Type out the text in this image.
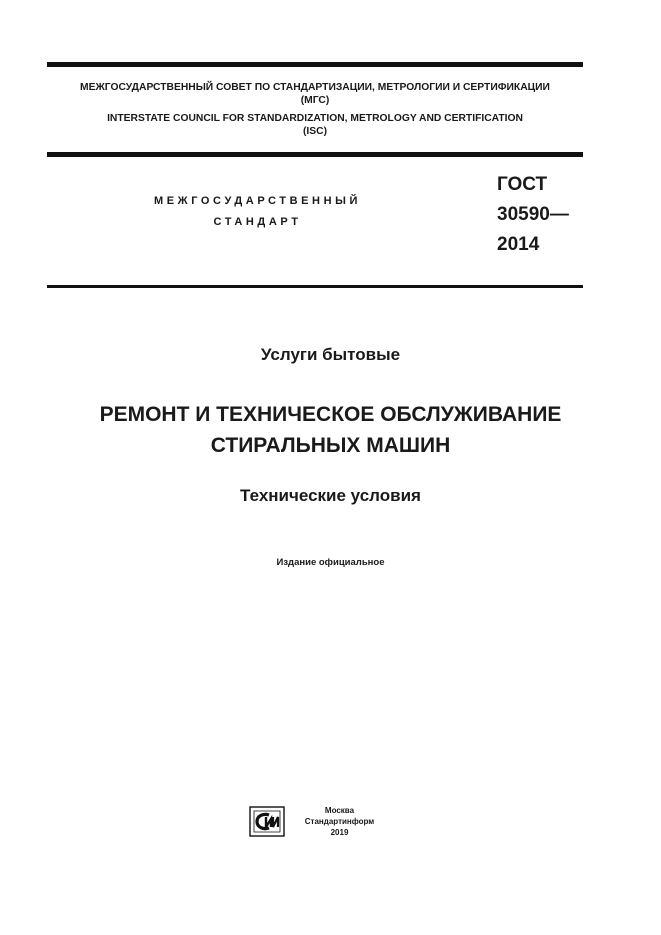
МЕЖГОСУДАРСТВЕННЫЙ СОВЕТ ПО СТАНДАРТИЗАЦИИ, МЕТРОЛОГИИ И СЕРТИФИКАЦИИ
(МГС)
INTERSTATE COUNCIL FOR STANDARDIZATION, METROLOGY AND CERTIFICATION
(ISC)
МЕЖГОСУДАРСТВЕННЫЙ
СТАНДАРТ
ГОСТ
30590—
2014
Услуги бытовые
РЕМОНТ И ТЕХНИЧЕСКОЕ ОБСЛУЖИВАНИЕ
СТИРАЛЬНЫХ МАШИН
Технические условия
Издание официальное
Москва
Стандартинформ
2019
